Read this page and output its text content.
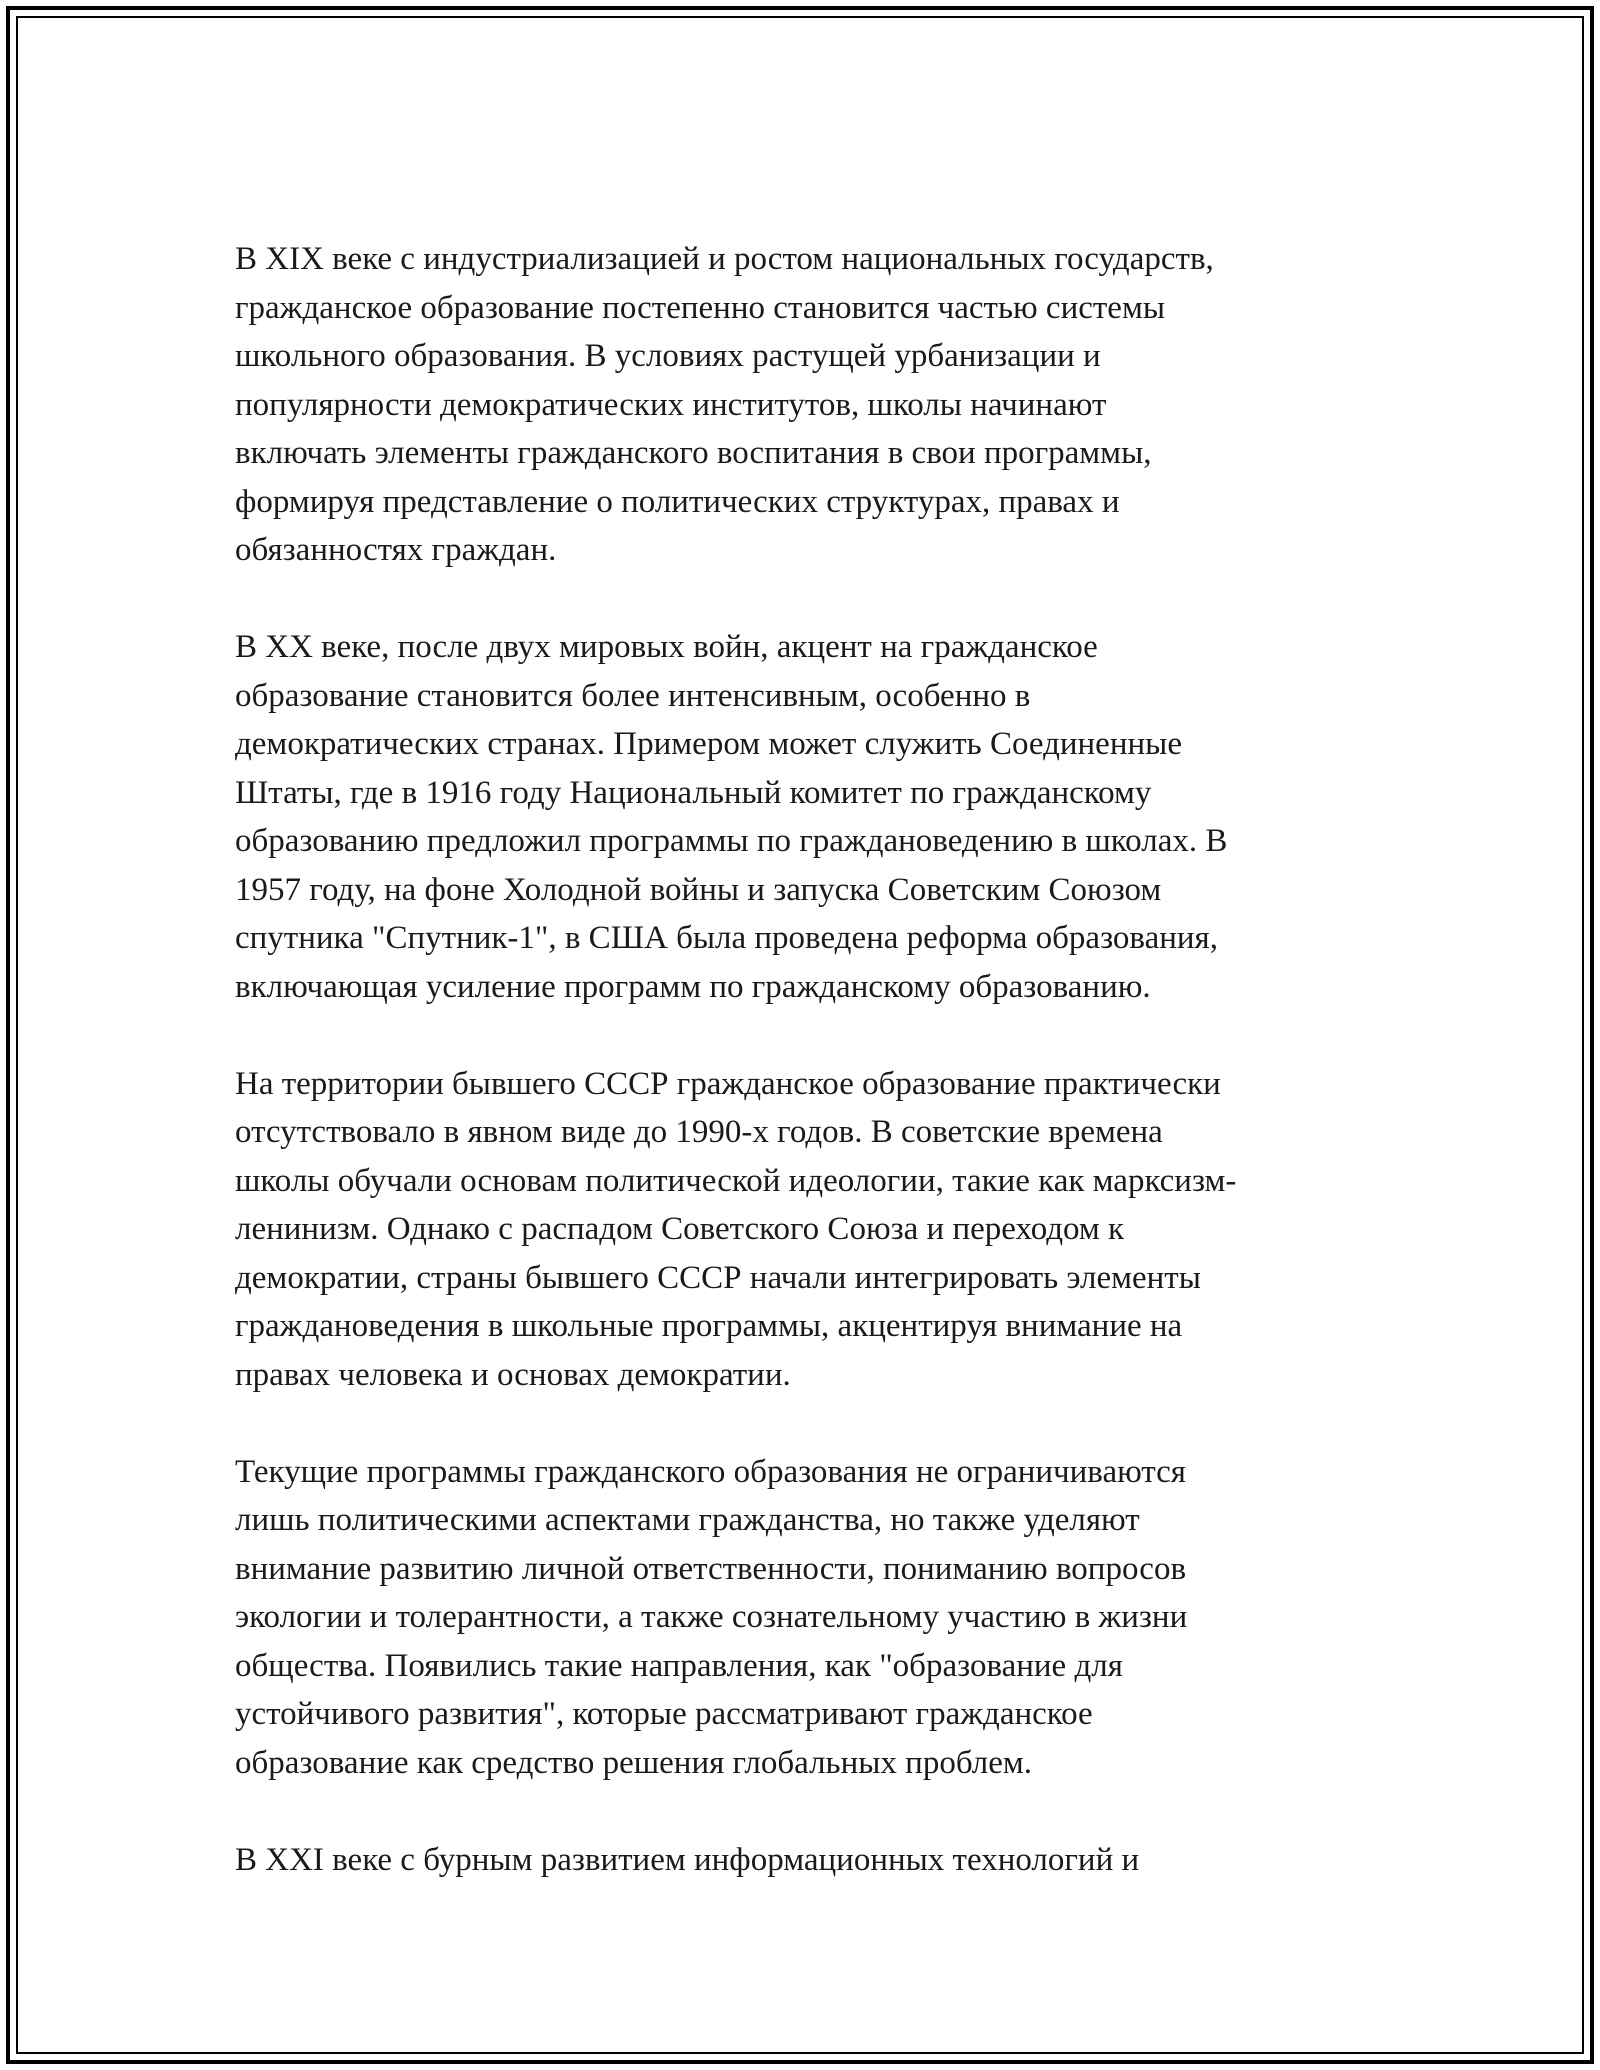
В XIX веке с индустриализацией и ростом национальных государств,
гражданское образование постепенно становится частью системы
школьного образования. В условиях растущей урбанизации и
популярности демократических институтов, школы начинают
включать элементы гражданского воспитания в свои программы,
формируя представление о политических структурах, правах и
обязанностях граждан.

В XX веке, после двух мировых войн, акцент на гражданское
образование становится более интенсивным, особенно в
демократических странах. Примером может служить Соединенные
Штаты, где в 1916 году Национальный комитет по гражданскому
образованию предложил программы по граждановедению в школах. В
1957 году, на фоне Холодной войны и запуска Советским Союзом
спутника "Спутник-1", в США была проведена реформа образования,
включающая усиление программ по гражданскому образованию.

На территории бывшего СССР гражданское образование практически
отсутствовало в явном виде до 1990-х годов. В советские времена
школы обучали основам политической идеологии, такие как марксизм-
ленинизм. Однако с распадом Советского Союза и переходом к
демократии, страны бывшего СССР начали интегрировать элементы
граждановедения в школьные программы, акцентируя внимание на
правах человека и основах демократии.

Текущие программы гражданского образования не ограничиваются
лишь политическими аспектами гражданства, но также уделяют
внимание развитию личной ответственности, пониманию вопросов
экологии и толерантности, а также сознательному участию в жизни
общества. Появились такие направления, как "образование для
устойчивого развития", которые рассматривают гражданское
образование как средство решения глобальных проблем.

В XXI веке с бурным развитием информационных технологий и
